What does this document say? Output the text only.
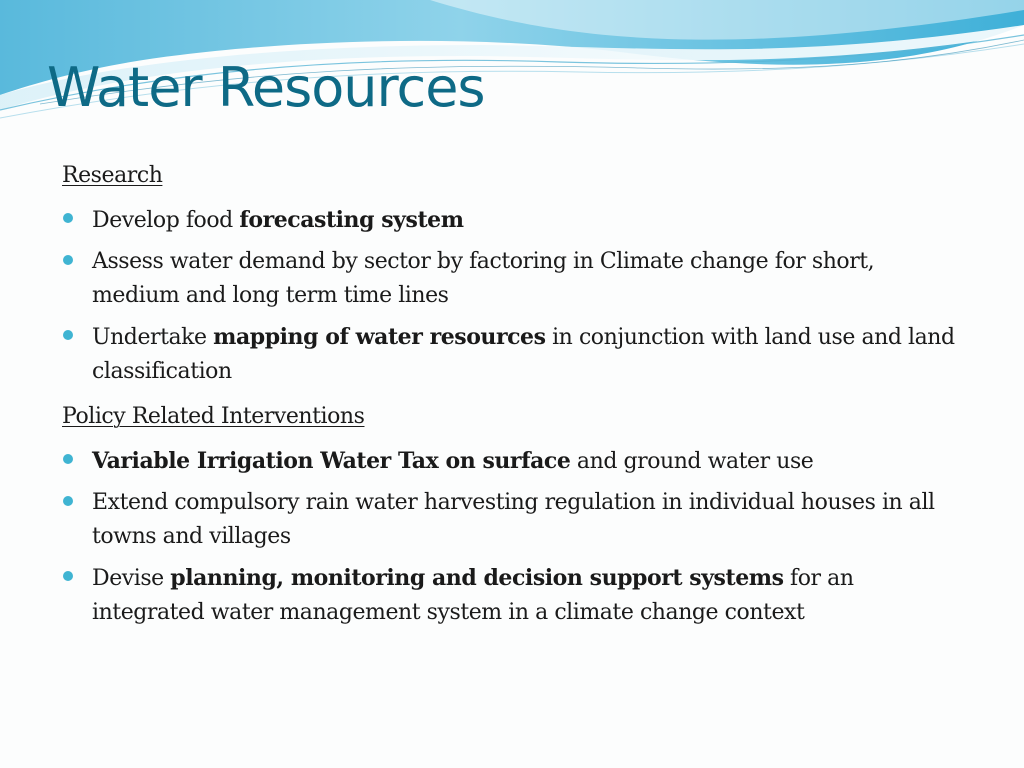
Water Resources

Research

Develop food forecasting system
Assess water demand by sector by factoring in Climate change for short, medium and long term time lines
Undertake mapping of water resources in conjunction with land use and land classification

Policy Related Interventions

Variable Irrigation Water Tax on surface and ground water use
Extend compulsory rain water harvesting regulation in individual houses in all towns and villages
Devise planning, monitoring and decision support systems for an integrated water management system in a climate change context
